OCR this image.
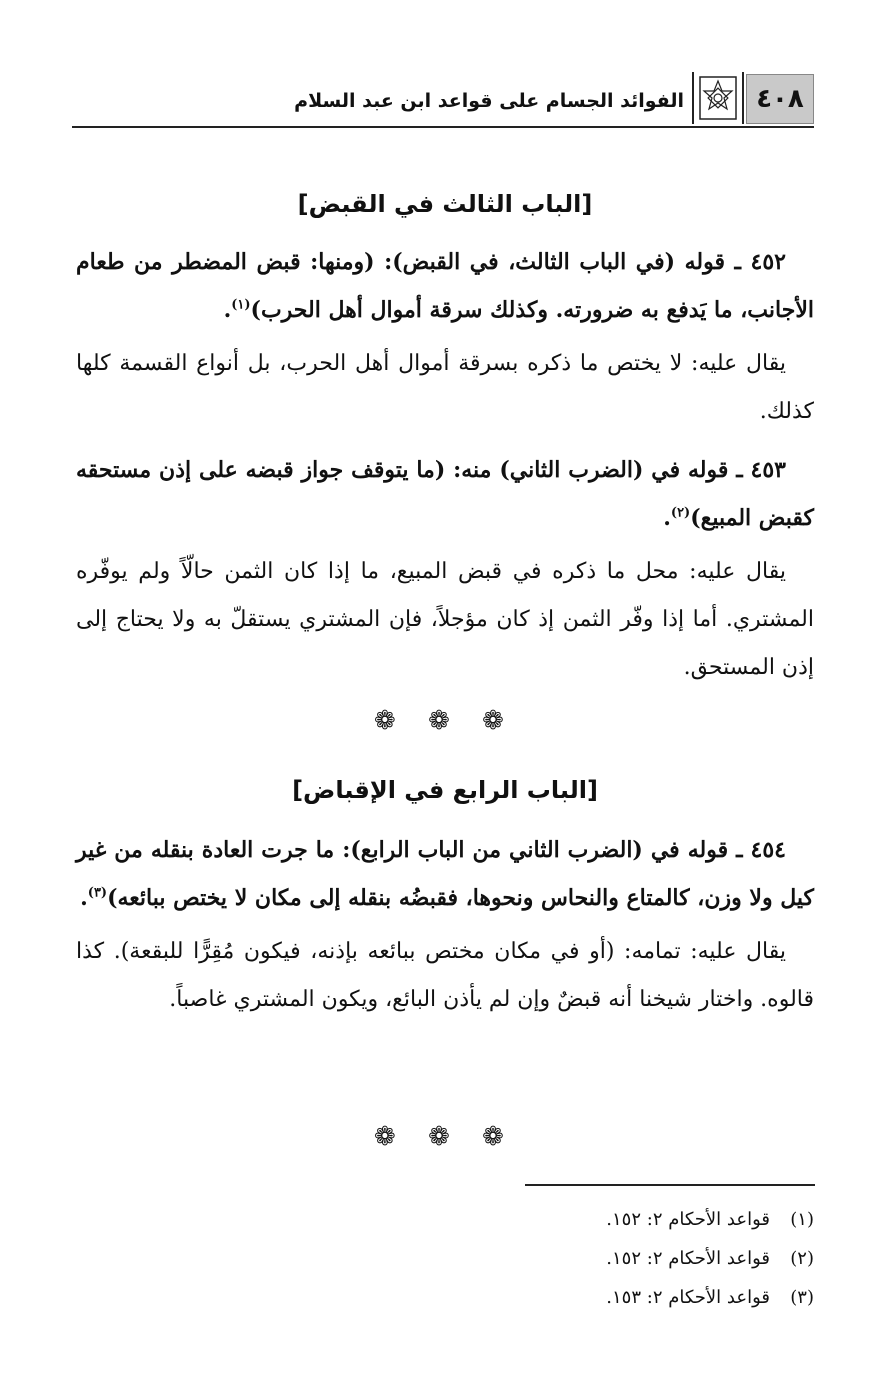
٤٠٨
الفوائد الجسام على قواعد ابن عبد السلام
[الباب الثالث في القبض]

٤٥٢ ـ قوله (في الباب الثالث، في القبض): (ومنها: قبض المضطر من طعام الأجانب، ما يَدفع به ضرورته. وكذلك سرقة أموال أهل الحرب)$^{(١)}$.

يقال عليه: لا يختص ما ذكره بسرقة أموال أهل الحرب، بل أنواع القسمة كلها كذلك.

٤٥٣ ـ قوله في (الضرب الثاني) منه: (ما يتوقف جواز قبضه على إذن مستحقه كقبض المبيع)$^{(٢)}$.

يقال عليه: محل ما ذكره في قبض المبيع، ما إذا كان الثمن حالّاً ولم يوفّره المشتري. أما إذا وفّر الثمن إذ كان مؤجلاً، فإن المشتري يستقلّ به ولا يحتاج إلى إذن المستحق.

❁ ❁ ❁
[الباب الرابع في الإقباض]

٤٥٤ ـ قوله في (الضرب الثاني من الباب الرابع): ما جرت العادة بنقله من غير كيل ولا وزن، كالمتاع والنحاس ونحوها، فقبضُه بنقله إلى مكان لا يختص ببائعه)$^{(٣)}$.

يقال عليه: تمامه: (أو في مكان مختص ببائعه بإذنه، فيكون مُقِرًّا للبقعة). كذا قالوه. واختار شيخنا أنه قبضٌ وإن لم يأذن البائع، ويكون المشتري غاصباً.

❁ ❁ ❁

(١)قواعد الأحكام ٢: ١٥٢.

(٢)قواعد الأحكام ٢: ١٥٢.

(٣)قواعد الأحكام ٢: ١٥٣.
